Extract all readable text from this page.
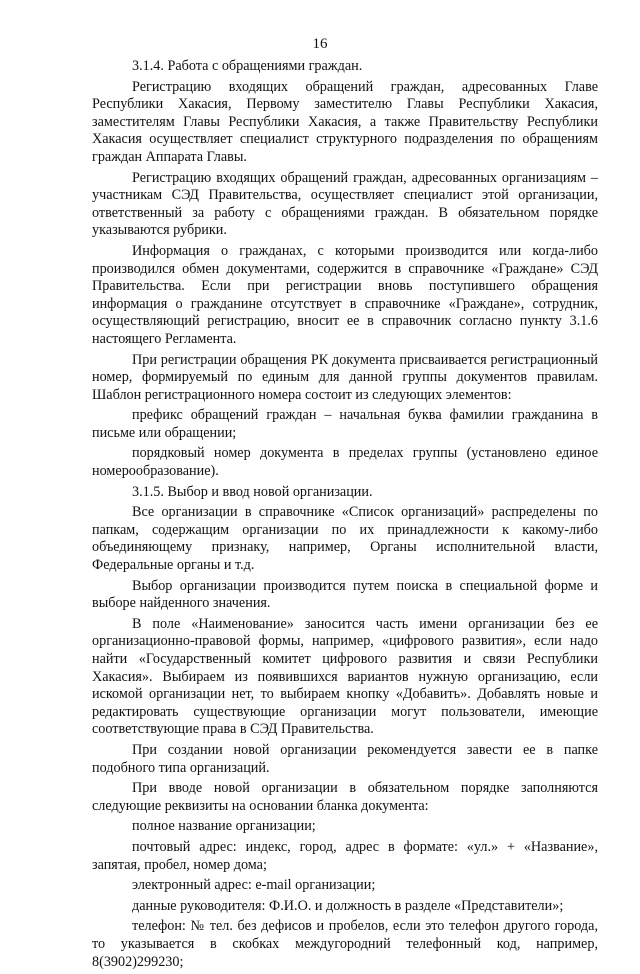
16

3.1.4. Работа с обращениями граждан.

Регистрацию входящих обращений граждан, адресованных Главе Республики Хакасия, Первому заместителю Главы Республики Хакасия, заместителям Главы Республики Хакасия, а также Правительству Республики Хакасия осуществляет специалист структурного подразделения по обращениям граждан Аппарата Главы.

Регистрацию входящих обращений граждан, адресованных организациям – участникам СЭД Правительства, осуществляет специалист этой организации, ответственный за работу с обращениями граждан. В обязательном порядке указываются рубрики.

Информация о гражданах, с которыми производится или когда-либо производился обмен документами, содержится в справочнике «Граждане» СЭД Правительства. Если при регистрации вновь поступившего обращения информация о гражданине отсутствует в справочнике «Граждане», сотрудник, осуществляющий регистрацию, вносит ее в справочник согласно пункту 3.1.6 настоящего Регламента.

При регистрации обращения РК документа присваивается регистрационный номер, формируемый по единым для данной группы документов правилам. Шаблон регистрационного номера состоит из следующих элементов:

префикс обращений граждан – начальная буква фамилии гражданина в письме или обращении;

порядковый номер документа в пределах группы (установлено единое номерообразование).

3.1.5. Выбор и ввод новой организации.

Все организации в справочнике «Список организаций» распределены по папкам, содержащим организации по их принадлежности к какому-либо объединяющему признаку, например, Органы исполнительной власти, Федеральные органы и т.д.

Выбор организации производится путем поиска в специальной форме и выборе найденного значения.

В поле «Наименование» заносится часть имени организации без ее организационно-правовой формы, например, «цифрового развития», если надо найти «Государственный комитет цифрового развития и связи Республики Хакасия». Выбираем из появившихся вариантов нужную организацию, если искомой организации нет, то выбираем кнопку «Добавить». Добавлять новые и редактировать существующие организации могут пользователи, имеющие соответствующие права в СЭД Правительства.

При создании новой организации рекомендуется завести ее в папке подобного типа организаций.

При вводе новой организации в обязательном порядке заполняются следующие реквизиты на основании бланка документа:

полное название организации;

почтовый адрес: индекс, город, адрес в формате: «ул.» + «Название», запятая, пробел, номер дома;

электронный адрес: e-mail организации;

данные руководителя: Ф.И.О. и должность в разделе «Представители»;

телефон: № тел. без дефисов и пробелов, если это телефон другого города, то указывается в скобках междугородний телефонный код, например, 8(3902)299230;
